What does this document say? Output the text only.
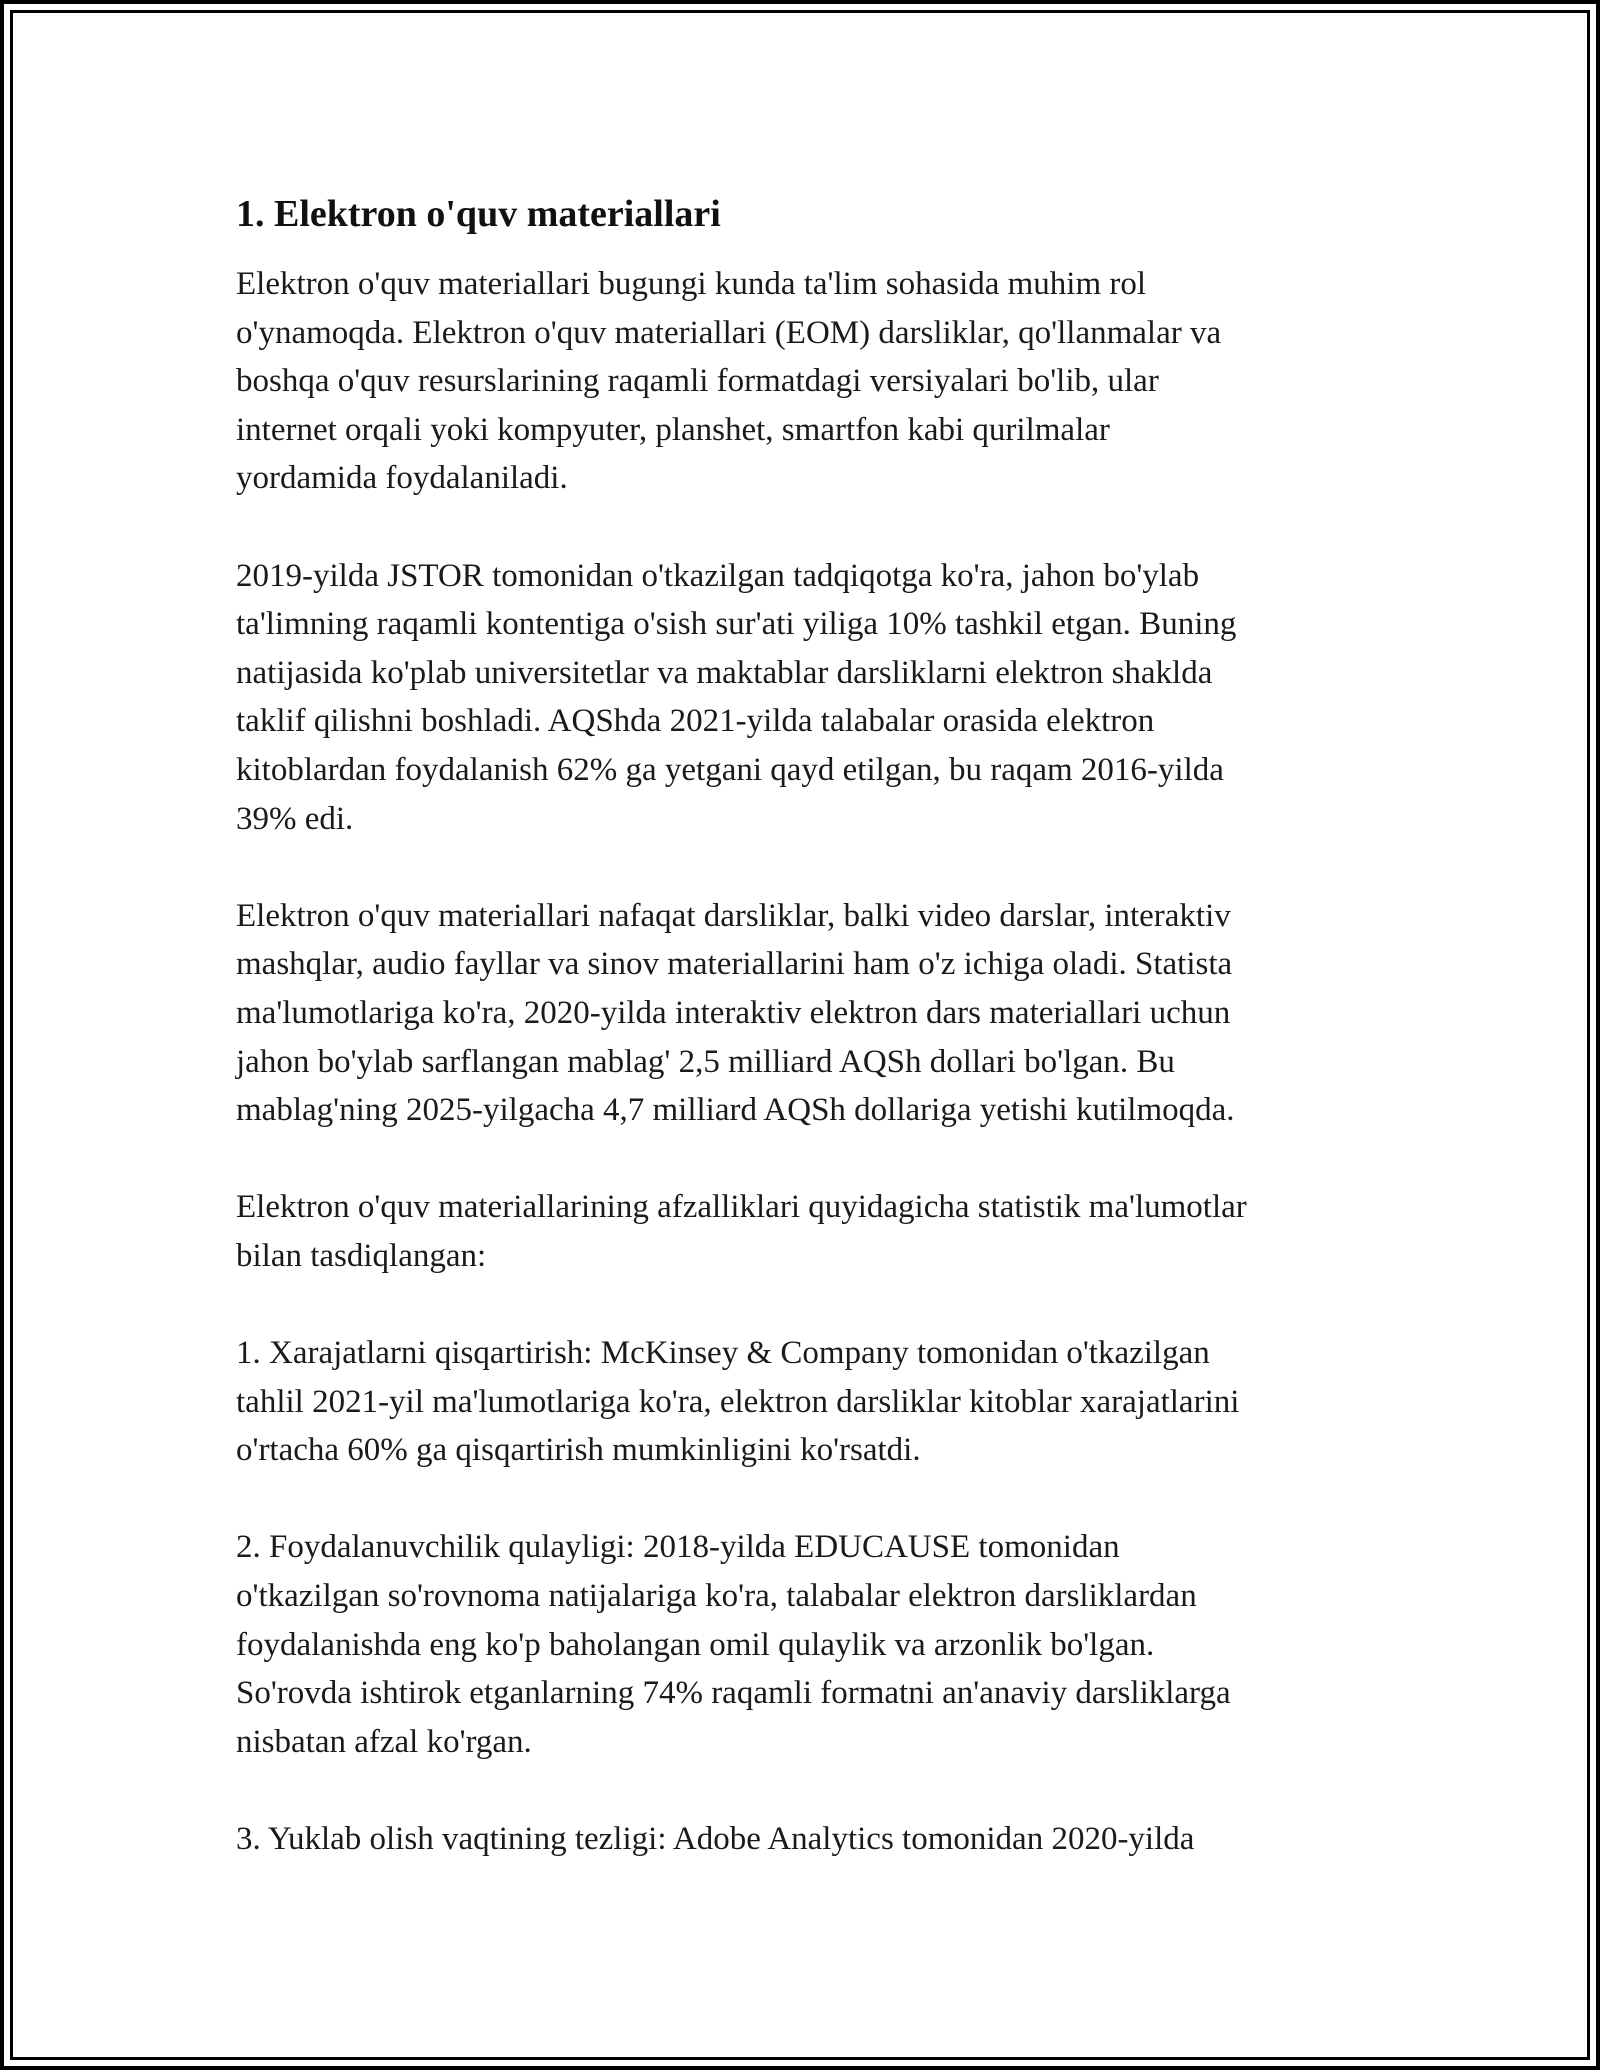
1. Elektron o'quv materiallari

Elektron o'quv materiallari bugungi kunda ta'lim sohasida muhim rol
o'ynamoqda. Elektron o'quv materiallari (EOM) darsliklar, qo'llanmalar va
boshqa o'quv resurslarining raqamli formatdagi versiyalari bo'lib, ular
internet orqali yoki kompyuter, planshet, smartfon kabi qurilmalar
yordamida foydalaniladi.

2019-yilda JSTOR tomonidan o'tkazilgan tadqiqotga ko'ra, jahon bo'ylab
ta'limning raqamli kontentiga o'sish sur'ati yiliga 10% tashkil etgan. Buning
natijasida ko'plab universitetlar va maktablar darsliklarni elektron shaklda
taklif qilishni boshladi. AQShda 2021-yilda talabalar orasida elektron
kitoblardan foydalanish 62% ga yetgani qayd etilgan, bu raqam 2016-yilda
39% edi.

Elektron o'quv materiallari nafaqat darsliklar, balki video darslar, interaktiv
mashqlar, audio fayllar va sinov materiallarini ham o'z ichiga oladi. Statista
ma'lumotlariga ko'ra, 2020-yilda interaktiv elektron dars materiallari uchun
jahon bo'ylab sarflangan mablag' 2,5 milliard AQSh dollari bo'lgan. Bu
mablag'ning 2025-yilgacha 4,7 milliard AQSh dollariga yetishi kutilmoqda.

Elektron o'quv materiallarining afzalliklari quyidagicha statistik ma'lumotlar
bilan tasdiqlangan:

1. Xarajatlarni qisqartirish: McKinsey & Company tomonidan o'tkazilgan
tahlil 2021-yil ma'lumotlariga ko'ra, elektron darsliklar kitoblar xarajatlarini
o'rtacha 60% ga qisqartirish mumkinligini ko'rsatdi.

2. Foydalanuvchilik qulayligi: 2018-yilda EDUCAUSE tomonidan
o'tkazilgan so'rovnoma natijalariga ko'ra, talabalar elektron darsliklardan
foydalanishda eng ko'p baholangan omil qulaylik va arzonlik bo'lgan.
So'rovda ishtirok etganlarning 74% raqamli formatni an'anaviy darsliklarga
nisbatan afzal ko'rgan.

3. Yuklab olish vaqtining tezligi: Adobe Analytics tomonidan 2020-yilda
